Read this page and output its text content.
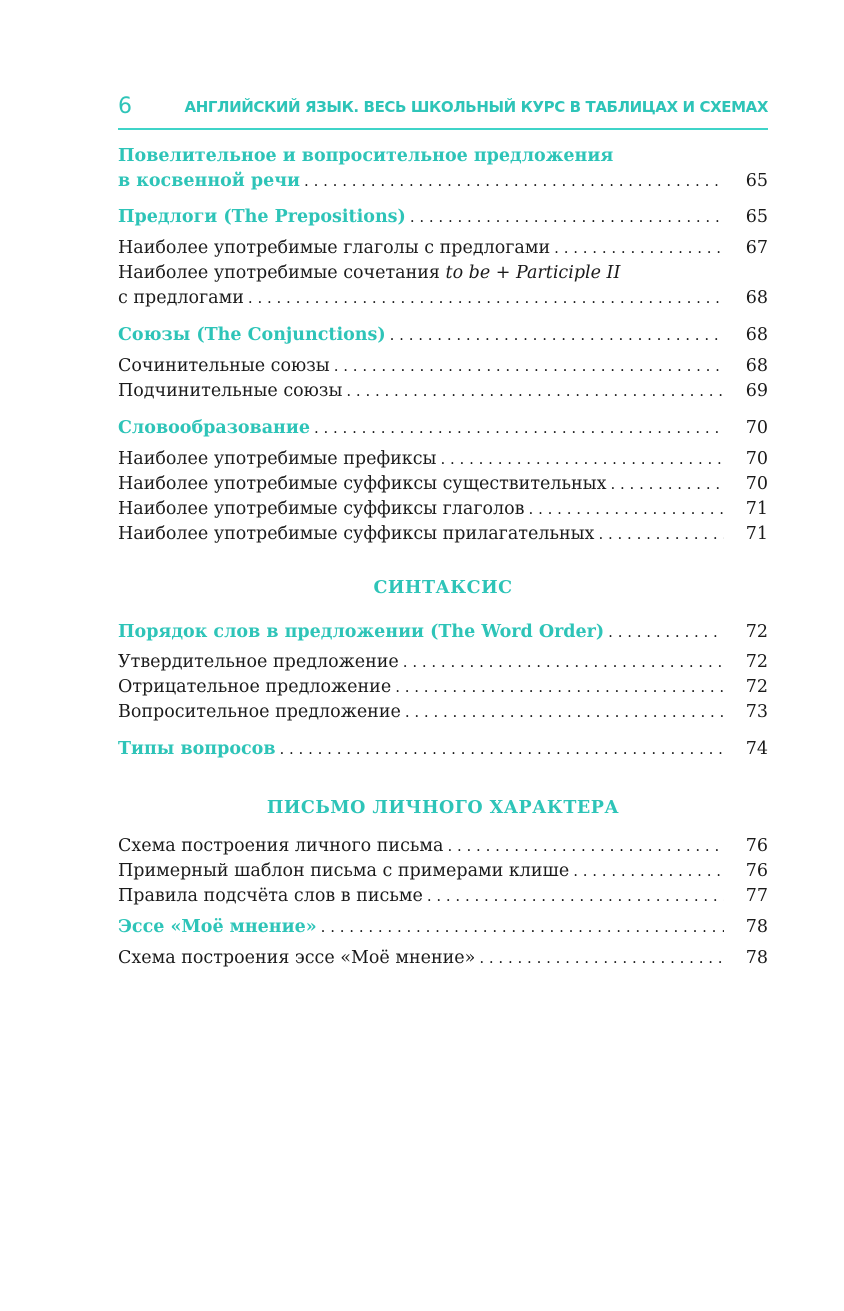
6	АНГЛИЙСКИЙ ЯЗЫК. ВЕСЬ ШКОЛЬНЫЙ КУРС В ТАБЛИЦАХ И СХЕМАХ
Повелительное и вопросительное предложения
в косвенной речи . . .	65
Предлоги (The Prepositions) . . .	65
Наиболее употребимые глаголы с предлогами . . .	67
Наиболее употребимые сочетания to be + Participle II
с предлогами . . .	68
Союзы (The Conjunctions) . . .	68
Сочинительные союзы . . .	68
Подчинительные союзы . . .	69
Словообразование . . .	70
Наиболее употребимые префиксы . . .	70
Наиболее употребимые суффиксы существительных . . .	70
Наиболее употребимые суффиксы глаголов . . .	71
Наиболее употребимые суффиксы прилагательных . . .	71
СИНТАКСИС
Порядок слов в предложении (The Word Order) . . .	72
Утвердительное предложение . . .	72
Отрицательное предложение . . .	72
Вопросительное предложение . . .	73
Типы вопросов . . .	74
ПИСЬМО ЛИЧНОГО ХАРАКТЕРА
Схема построения личного письма . . .	76
Примерный шаблон письма с примерами клише . . .	76
Правила подсчёта слов в письме . . .	77
Эссе «Моё мнение» . . .	78
Схема построения эссе «Моё мнение» . . .	78
